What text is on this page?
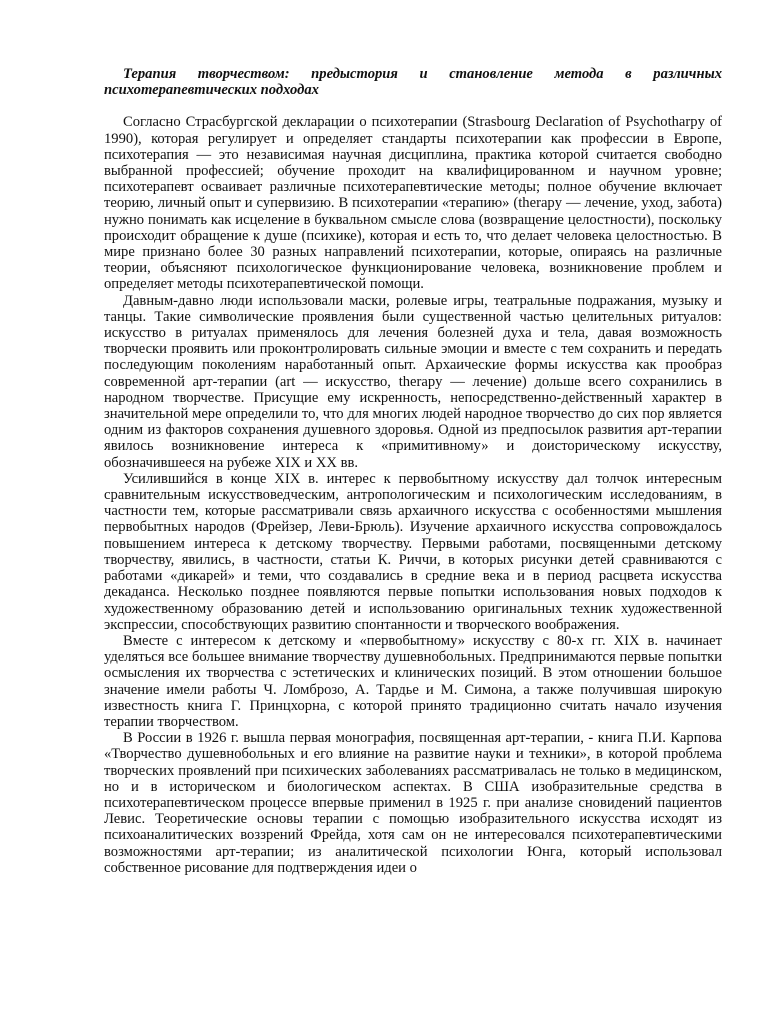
Терапия творчеством: предыстория и становление метода в различных психотерапевтических подходах

Согласно Страсбургской декларации о психотерапии (Strasbourg Declaration of Psychotharpy of 1990), которая регулирует и определяет стандарты психотерапии как профессии в Европе, психотерапия — это независимая научная дисциплина, практика которой считается свободно выбранной профессией; обучение проходит на квалифицированном и научном уровне; психотерапевт осваивает различные психотерапевтические методы; полное обучение включает теорию, личный опыт и супервизию. В психотерапии «терапию» (therapy — лечение, уход, забота) нужно понимать как исцеление в буквальном смысле слова (возвращение целостности), поскольку происходит обращение к душе (психике), которая и есть то, что делает человека целостностью. В мире признано более 30 разных направлений психотерапии, которые, опираясь на различные теории, объясняют психологическое функционирование человека, возникновение проблем и определяет методы психотерапевтической помощи.

Давным-давно люди использовали маски, ролевые игры, театральные подражания, музыку и танцы. Такие символические проявления были существенной частью целительных ритуалов: искусство в ритуалах применялось для лечения болезней духа и тела, давая возможность творчески проявить или проконтролировать сильные эмоции и вместе с тем сохранить и передать последующим поколениям наработанный опыт. Архаические формы искусства как прообраз современной арт-терапии (art — искусство, therapy — лечение) дольше всего сохранились в народном творчестве. Присущие ему искренность, непосредственно-действенный характер в значительной мере определили то, что для многих людей народное творчество до сих пор является одним из факторов сохранения душевного здоровья. Одной из предпосылок развития арт-терапии явилось возникновение интереса к «примитивному» и доисторическому искусству, обозначившееся на рубеже XIX и XX вв.

Усилившийся в конце XIX в. интерес к первобытному искусству дал толчок интересным сравнительным искусствоведческим, антропологическим и психологическим исследованиям, в частности тем, которые рассматривали связь архаичного искусства с особенностями мышления первобытных народов (Фрейзер, Леви-Брюль). Изучение архаичного искусства сопровождалось повышением интереса к детскому творчеству. Первыми работами, посвященными детскому творчеству, явились, в частности, статьи К. Риччи, в которых рисунки детей сравниваются с работами «дикарей» и теми, что создавались в средние века и в период расцвета искусства декаданса. Несколько позднее появляются первые попытки использования новых подходов к художественному образованию детей и использованию оригинальных техник художественной экспрессии, способствующих развитию спонтанности и творческого воображения.

Вместе с интересом к детскому и «первобытному» искусству с 80-х гг. XIX в. начинает уделяться все большее внимание творчеству душевнобольных. Предпринимаются первые попытки осмысления их творчества с эстетических и клинических позиций. В этом отношении большое значение имели работы Ч. Ломброзо, А. Тардье и М. Симона, а также получившая широкую известность книга Г. Принцхорна, с которой принято традиционно считать начало изучения терапии творчеством.

В России в 1926 г. вышла первая монография, посвященная арт-терапии, - книга П.И. Карпова «Творчество душевнобольных и его влияние на развитие науки и техники», в которой проблема творческих проявлений при психических заболеваниях рассматривалась не только в медицинском, но и в историческом и биологическом аспектах. В США изобразительные средства в психотерапевтическом процессе впервые применил в 1925 г. при анализе сновидений пациентов Левис. Теоретические основы терапии с помощью изобразительного искусства исходят из психоаналитических воззрений Фрейда, хотя сам он не интересовался психотерапевтическими возможностями арт-терапии; из аналитической психологии Юнга, который использовал собственное рисование для подтверждения идеи о
